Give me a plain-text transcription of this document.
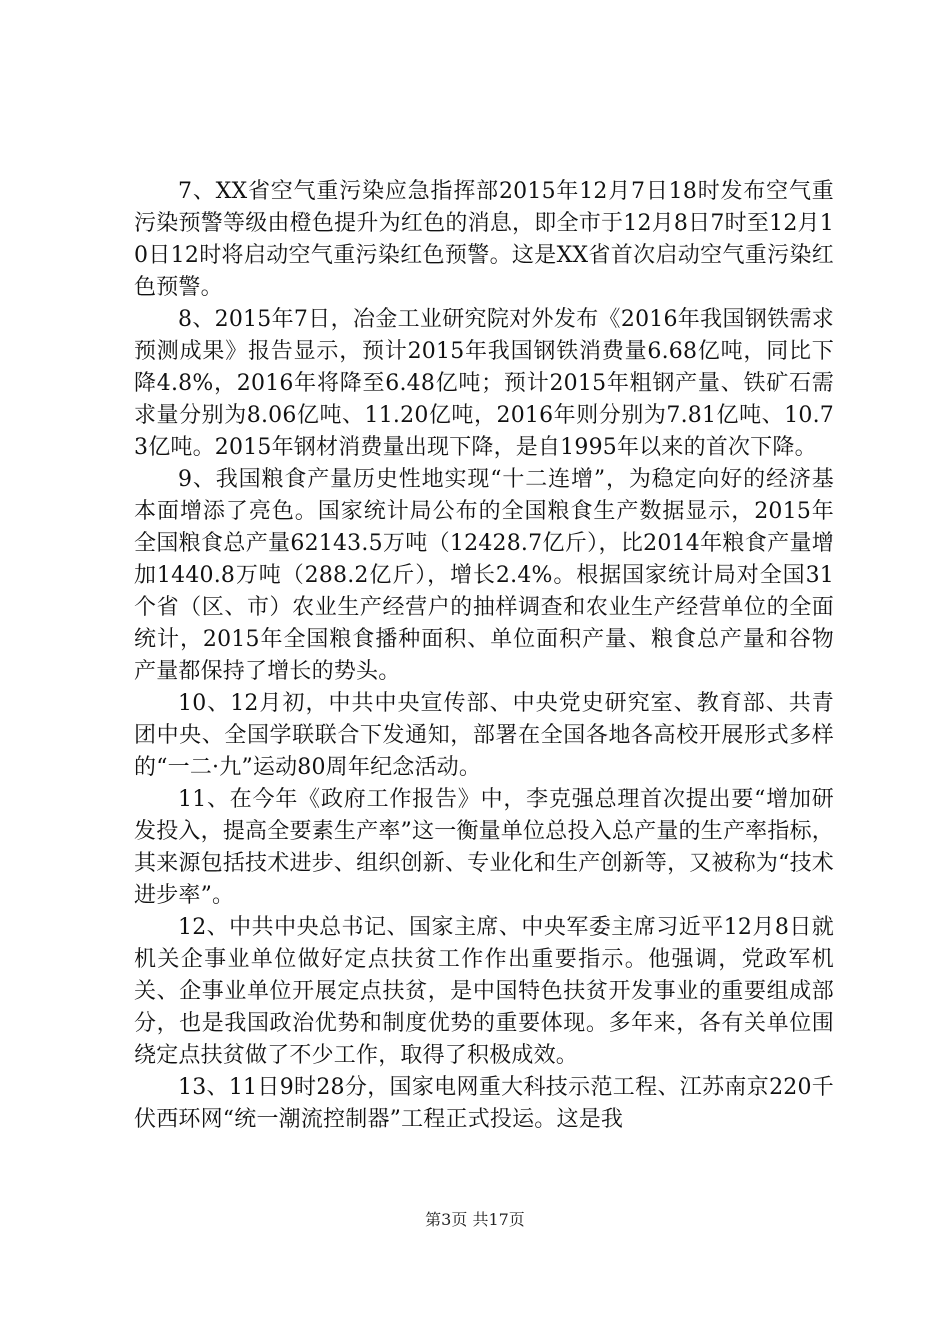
7、XX省空气重污染应急指挥部2015年12月7日18时发布空气重污染预警等级由橙色提升为红色的消息，即全市于12月8日7时至12月10日12时将启动空气重污染红色预警。这是XX省首次启动空气重污染红色预警。

8、2015年7日，冶金工业研究院对外发布《2016年我国钢铁需求预测成果》报告显示，预计2015年我国钢铁消费量6.68亿吨，同比下降4.8%，2016年将降至6.48亿吨；预计2015年粗钢产量、铁矿石需求量分别为8.06亿吨、11.20亿吨，2016年则分别为7.81亿吨、10.73亿吨。2015年钢材消费量出现下降，是自1995年以来的首次下降。

9、我国粮食产量历史性地实现“十二连增”，为稳定向好的经济基本面增添了亮色。国家统计局公布的全国粮食生产数据显示，2015年全国粮食总产量62143.5万吨（12428.7亿斤），比2014年粮食产量增加1440.8万吨（288.2亿斤），增长2.4%。根据国家统计局对全国31个省（区、市）农业生产经营户的抽样调查和农业生产经营单位的全面统计，2015年全国粮食播种面积、单位面积产量、粮食总产量和谷物产量都保持了增长的势头。

10、12月初，中共中央宣传部、中央党史研究室、教育部、共青团中央、全国学联联合下发通知，部署在全国各地各高校开展形式多样的“一二·九”运动80周年纪念活动。

11、在今年《政府工作报告》中，李克强总理首次提出要“增加研发投入，提高全要素生产率”这一衡量单位总投入总产量的生产率指标，其来源包括技术进步、组织创新、专业化和生产创新等，又被称为“技术进步率”。

12、中共中央总书记、国家主席、中央军委主席习近平12月8日就机关企事业单位做好定点扶贫工作作出重要指示。他强调，党政军机关、企事业单位开展定点扶贫，是中国特色扶贫开发事业的重要组成部分，也是我国政治优势和制度优势的重要体现。多年来，各有关单位围绕定点扶贫做了不少工作，取得了积极成效。

13、11日9时28分，国家电网重大科技示范工程、江苏南京220千伏西环网“统一潮流控制器”工程正式投运。这是我

第3页 共17页
